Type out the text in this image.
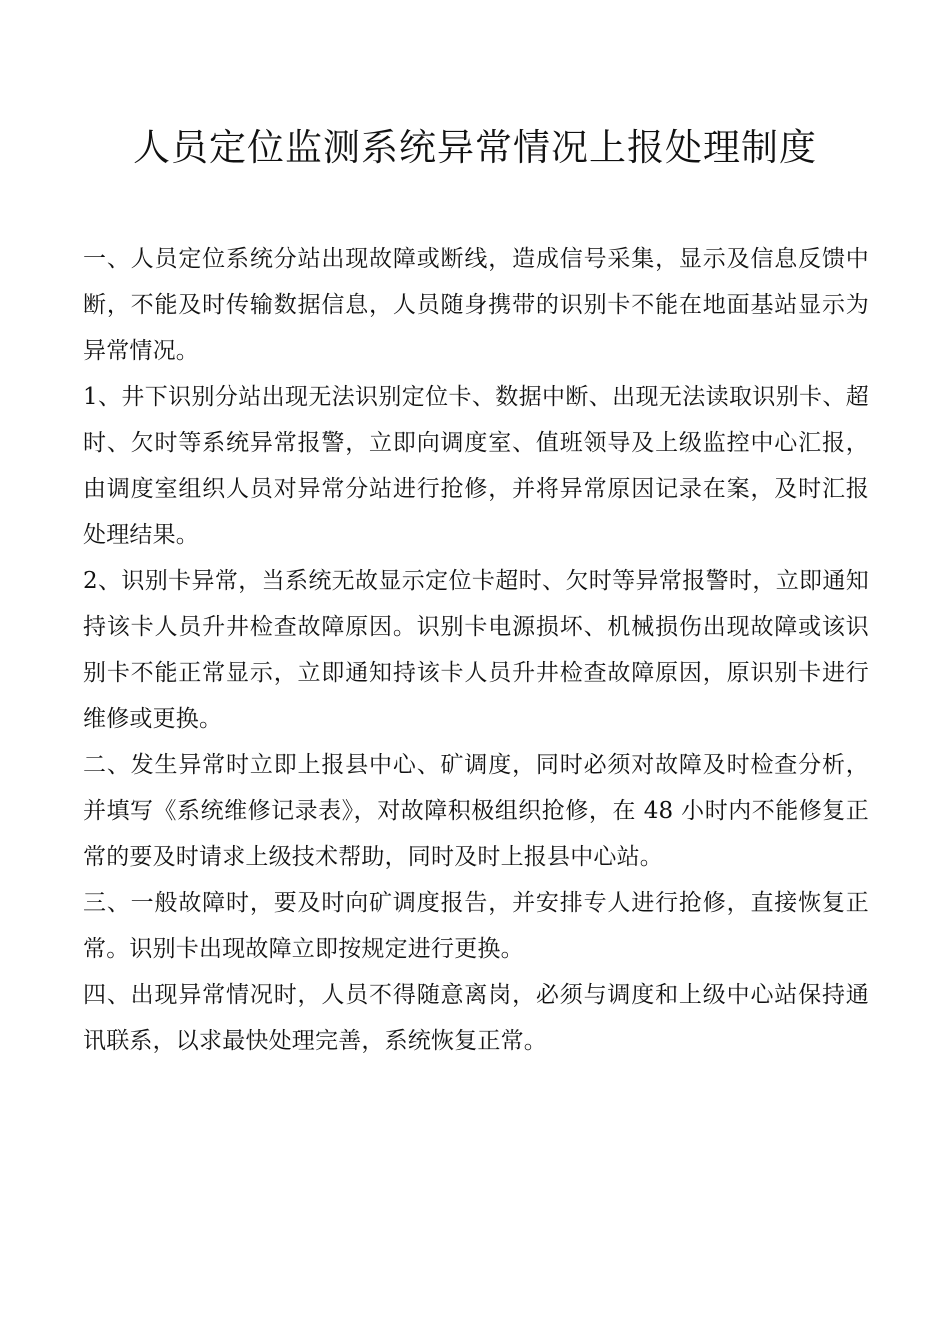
人员定位监测系统异常情况上报处理制度

一、人员定位系统分站出现故障或断线，造成信号采集，显示及信息反馈中断，不能及时传输数据信息，人员随身携带的识别卡不能在地面基站显示为异常情况。

1、井下识别分站出现无法识别定位卡、数据中断、出现无法读取识别卡、超时、欠时等系统异常报警，立即向调度室、值班领导及上级监控中心汇报，由调度室组织人员对异常分站进行抢修，并将异常原因记录在案，及时汇报处理结果。

2、识别卡异常，当系统无故显示定位卡超时、欠时等异常报警时，立即通知持该卡人员升井检查故障原因。识别卡电源损坏、机械损伤出现故障或该识别卡不能正常显示，立即通知持该卡人员升井检查故障原因，原识别卡进行维修或更换。

二、发生异常时立即上报县中心、矿调度，同时必须对故障及时检查分析，并填写《系统维修记录表》，对故障积极组织抢修，在 48 小时内不能修复正常的要及时请求上级技术帮助，同时及时上报县中心站。

三、一般故障时，要及时向矿调度报告，并安排专人进行抢修，直接恢复正常。识别卡出现故障立即按规定进行更换。

四、出现异常情况时，人员不得随意离岗，必须与调度和上级中心站保持通讯联系，以求最快处理完善，系统恢复正常。
